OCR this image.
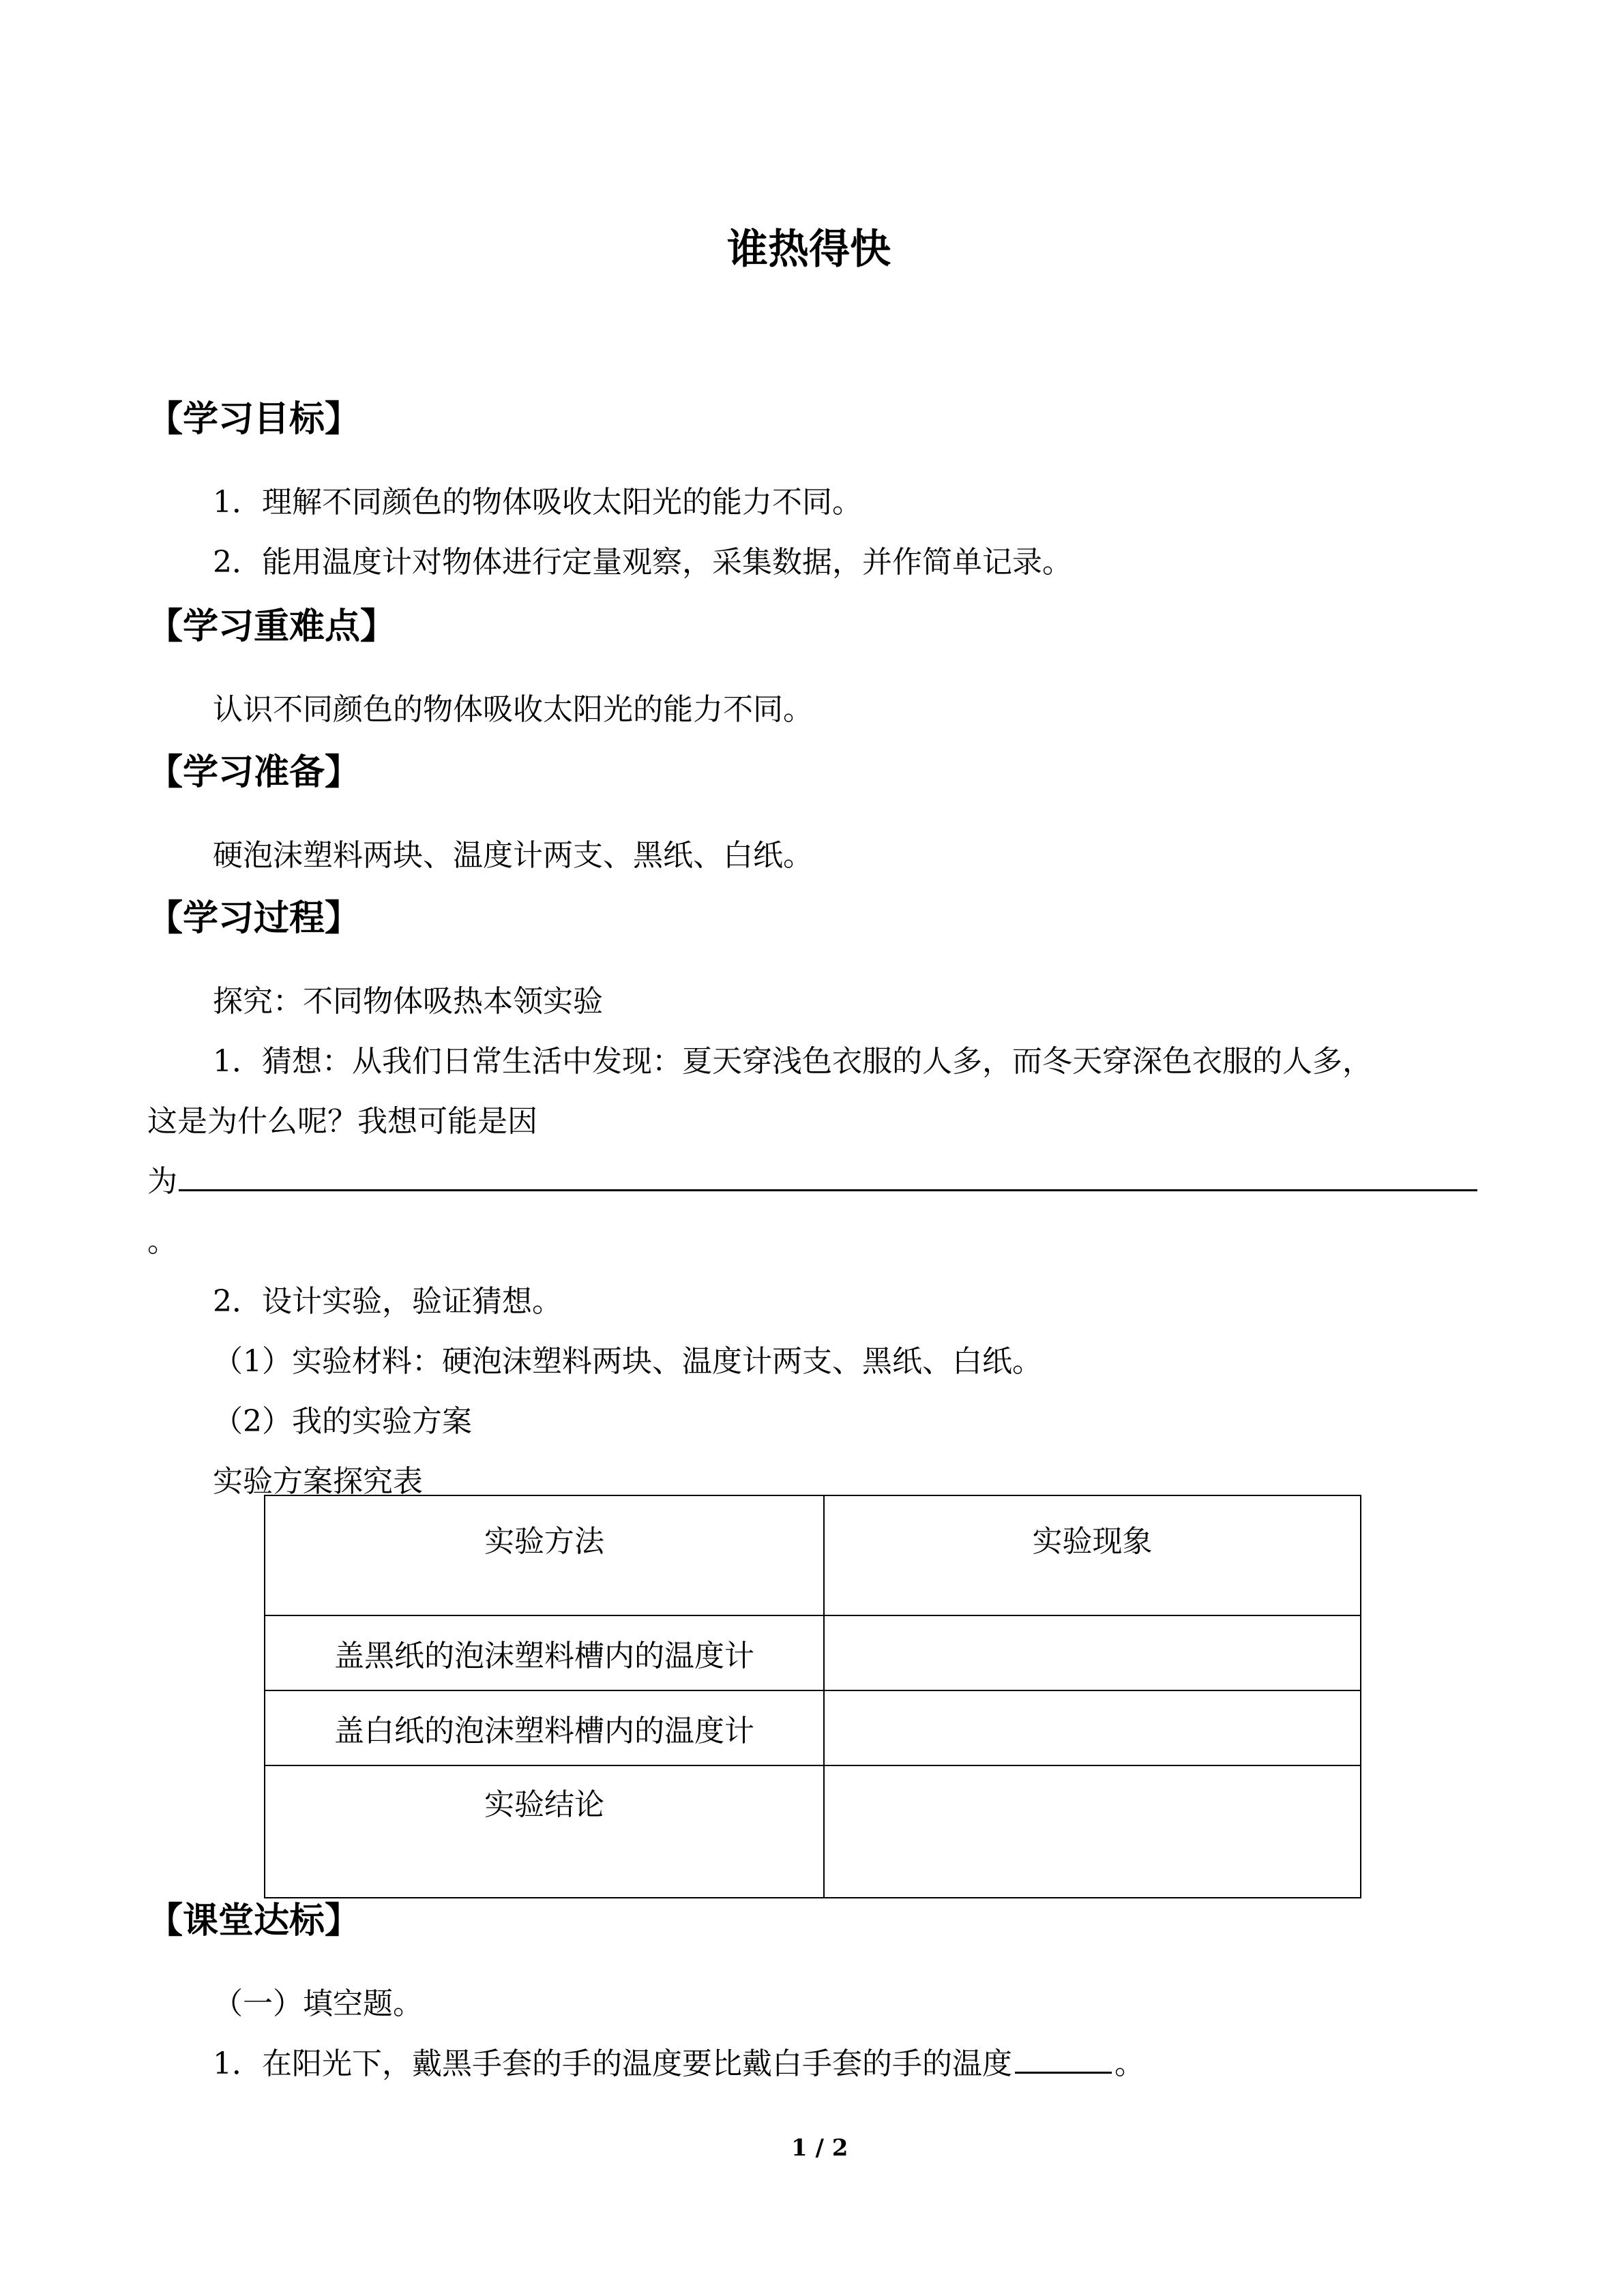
谁热得快
【学习目标】
1．理解不同颜色的物体吸收太阳光的能力不同。
2．能用温度计对物体进行定量观察，采集数据，并作简单记录。
【学习重难点】
认识不同颜色的物体吸收太阳光的能力不同。
【学习准备】
硬泡沫塑料两块、温度计两支、黑纸、白纸。
【学习过程】
探究：不同物体吸热本领实验
1．猜想：从我们日常生活中发现：夏天穿浅色衣服的人多，而冬天穿深色衣服的人多，
这是为什么呢？我想可能是因
为
。
2．设计实验，验证猜想。
（1）实验材料：硬泡沫塑料两块、温度计两支、黑纸、白纸。
（2）我的实验方案
实验方案探究表
实验方法	实验现象
盖黑纸的泡沫塑料槽内的温度计	
盖白纸的泡沫塑料槽内的温度计	
实验结论	
【课堂达标】
（一）填空题。
1．在阳光下，戴黑手套的手的温度要比戴白手套的手的温度	。
1 / 2
